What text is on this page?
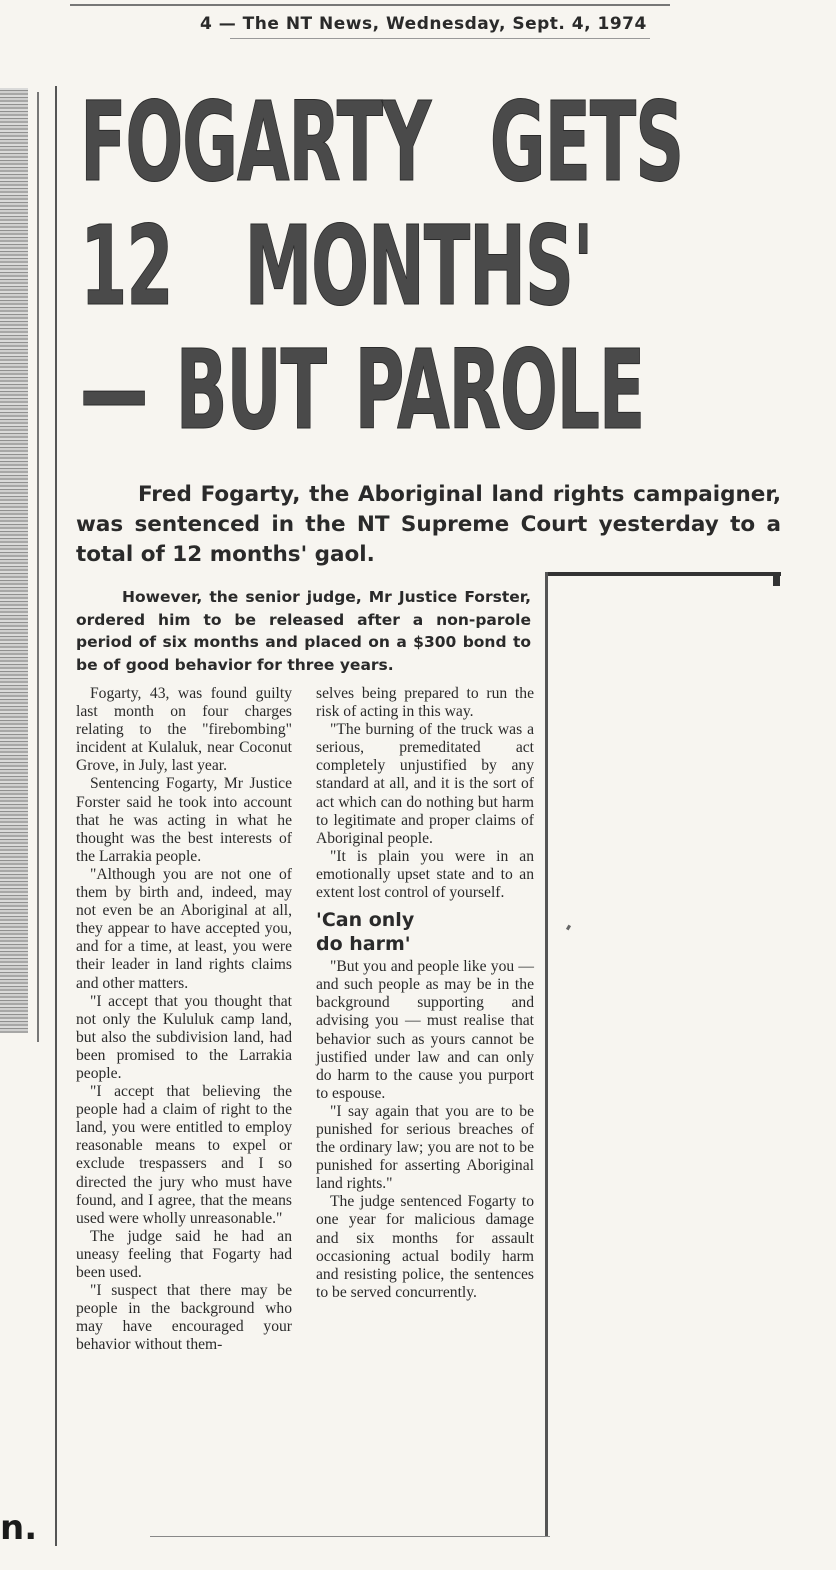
4 — The NT News, Wednesday, Sept. 4, 1974
FOGARTY GETS
12 MONTHS'
— BUT PAROLE

Fred Fogarty, the Aboriginal land rights campaigner, was sentenced in the NT Supreme Court yesterday to a total of 12 months' gaol.

However, the senior judge, Mr Justice Forster, ordered him to be released after a non-parole period of six months and placed on a $300 bond to be of good behavior for three years.

Fogarty, 43, was found guilty last month on four charges relating to the "firebombing" incident at Kulaluk, near Coconut Grove, in July, last year.

Sentencing Fogarty, Mr Justice Forster said he took into account that he was acting in what he thought was the best interests of the Larrakia people.

"Although you are not one of them by birth and, indeed, may not even be an Aboriginal at all, they appear to have accepted you, and for a time, at least, you were their leader in land rights claims and other matters.

"I accept that you thought that not only the Kululuk camp land, but also the subdivision land, had been promised to the Larrakia people.

"I accept that believing the people had a claim of right to the land, you were entitled to employ reasonable means to expel or exclude trespassers and I so directed the jury who must have found, and I agree, that the means used were wholly unreasonable."

The judge said he had an uneasy feeling that Fogarty had been used.

"I suspect that there may be people in the background who may have encouraged your behavior without them-

selves being prepared to run the risk of acting in this way.

"The burning of the truck was a serious, premeditated act completely unjustified by any standard at all, and it is the sort of act which can do nothing but harm to legitimate and proper claims of Aboriginal people.

"It is plain you were in an emotionally upset state and to an extent lost control of yourself.

'Can only
do harm'

"But you and people like you — and such people as may be in the background supporting and advising you — must realise that behavior such as yours cannot be justified under law and can only do harm to the cause you purport to espouse.

"I say again that you are to be punished for serious breaches of the ordinary law; you are not to be punished for asserting Aboriginal land rights."

The judge sentenced Fogarty to one year for malicious damage and six months for assault occasioning actual bodily harm and resisting police, the sentences to be served concurrently.

n.
